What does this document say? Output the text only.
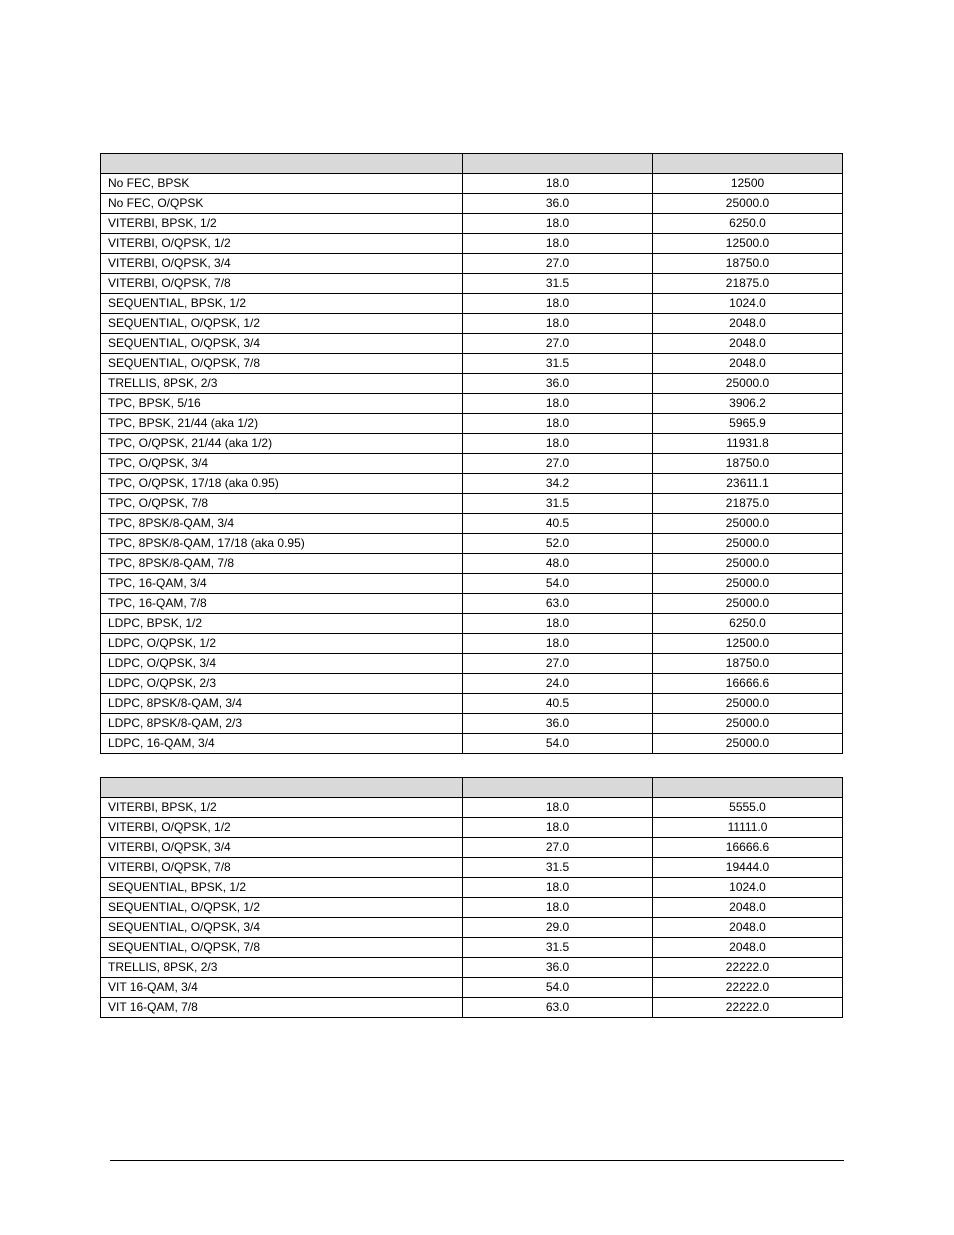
No FEC, BPSK	18.0	12500
No FEC, O/QPSK	36.0	25000.0
VITERBI, BPSK, 1/2	18.0	6250.0
VITERBI, O/QPSK, 1/2	18.0	12500.0
VITERBI, O/QPSK, 3/4	27.0	18750.0
VITERBI, O/QPSK, 7/8	31.5	21875.0
SEQUENTIAL, BPSK, 1/2	18.0	1024.0
SEQUENTIAL, O/QPSK, 1/2	18.0	2048.0
SEQUENTIAL, O/QPSK, 3/4	27.0	2048.0
SEQUENTIAL, O/QPSK, 7/8	31.5	2048.0
TRELLIS, 8PSK, 2/3	36.0	25000.0
TPC, BPSK, 5/16	18.0	3906.2
TPC, BPSK, 21/44 (aka 1/2)	18.0	5965.9
TPC, O/QPSK, 21/44 (aka 1/2)	18.0	11931.8
TPC, O/QPSK, 3/4	27.0	18750.0
TPC, O/QPSK, 17/18 (aka 0.95)	34.2	23611.1
TPC, O/QPSK, 7/8	31.5	21875.0
TPC, 8PSK/8-QAM, 3/4	40.5	25000.0
TPC, 8PSK/8-QAM, 17/18 (aka 0.95)	52.0	25000.0
TPC, 8PSK/8-QAM, 7/8	48.0	25000.0
TPC, 16-QAM, 3/4	54.0	25000.0
TPC, 16-QAM, 7/8	63.0	25000.0
LDPC, BPSK, 1/2	18.0	6250.0
LDPC, O/QPSK, 1/2	18.0	12500.0
LDPC, O/QPSK, 3/4	27.0	18750.0
LDPC, O/QPSK, 2/3	24.0	16666.6
LDPC, 8PSK/8-QAM, 3/4	40.5	25000.0
LDPC, 8PSK/8-QAM, 2/3	36.0	25000.0
LDPC, 16-QAM, 3/4	54.0	25000.0

VITERBI, BPSK, 1/2	18.0	5555.0
VITERBI, O/QPSK, 1/2	18.0	11111.0
VITERBI, O/QPSK, 3/4	27.0	16666.6
VITERBI, O/QPSK, 7/8	31.5	19444.0
SEQUENTIAL, BPSK, 1/2	18.0	1024.0
SEQUENTIAL, O/QPSK, 1/2	18.0	2048.0
SEQUENTIAL, O/QPSK, 3/4	29.0	2048.0
SEQUENTIAL, O/QPSK, 7/8	31.5	2048.0
TRELLIS, 8PSK, 2/3	36.0	22222.0
VIT 16-QAM, 3/4	54.0	22222.0
VIT 16-QAM, 7/8	63.0	22222.0
